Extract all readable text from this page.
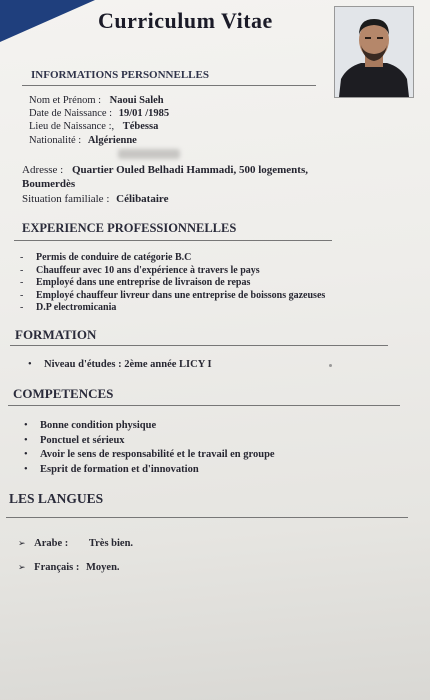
Curriculum Vitae
INFORMATIONS PERSONNELLES
Nom et Prénom : Naoui Saleh
Date de Naissance : 19/01 /1985
Lieu de Naissance :, Tébessa
Nationalité : Algérienne
Adresse : Quartier Ouled Belhadi Hammadi, 500 logements,
Boumerdès
Situation familiale : Célibataire
EXPERIENCE PROFESSIONNELLES
- Permis de conduire de catégorie B.C
- Chauffeur avec 10 ans d'expérience à travers le pays
- Employé dans une entreprise de livraison de repas
- Employé chauffeur livreur dans une entreprise de boissons gazeuses
- D.P electromicania
FORMATION
• Niveau d'études : 2ème année LICY I
COMPETENCES
• Bonne condition physique
• Ponctuel et sérieux
• Avoir le sens de responsabilité et le travail en groupe
• Esprit de formation et d'innovation
LES LANGUES
➢ Arabe : Très bien.
➢ Français : Moyen.
